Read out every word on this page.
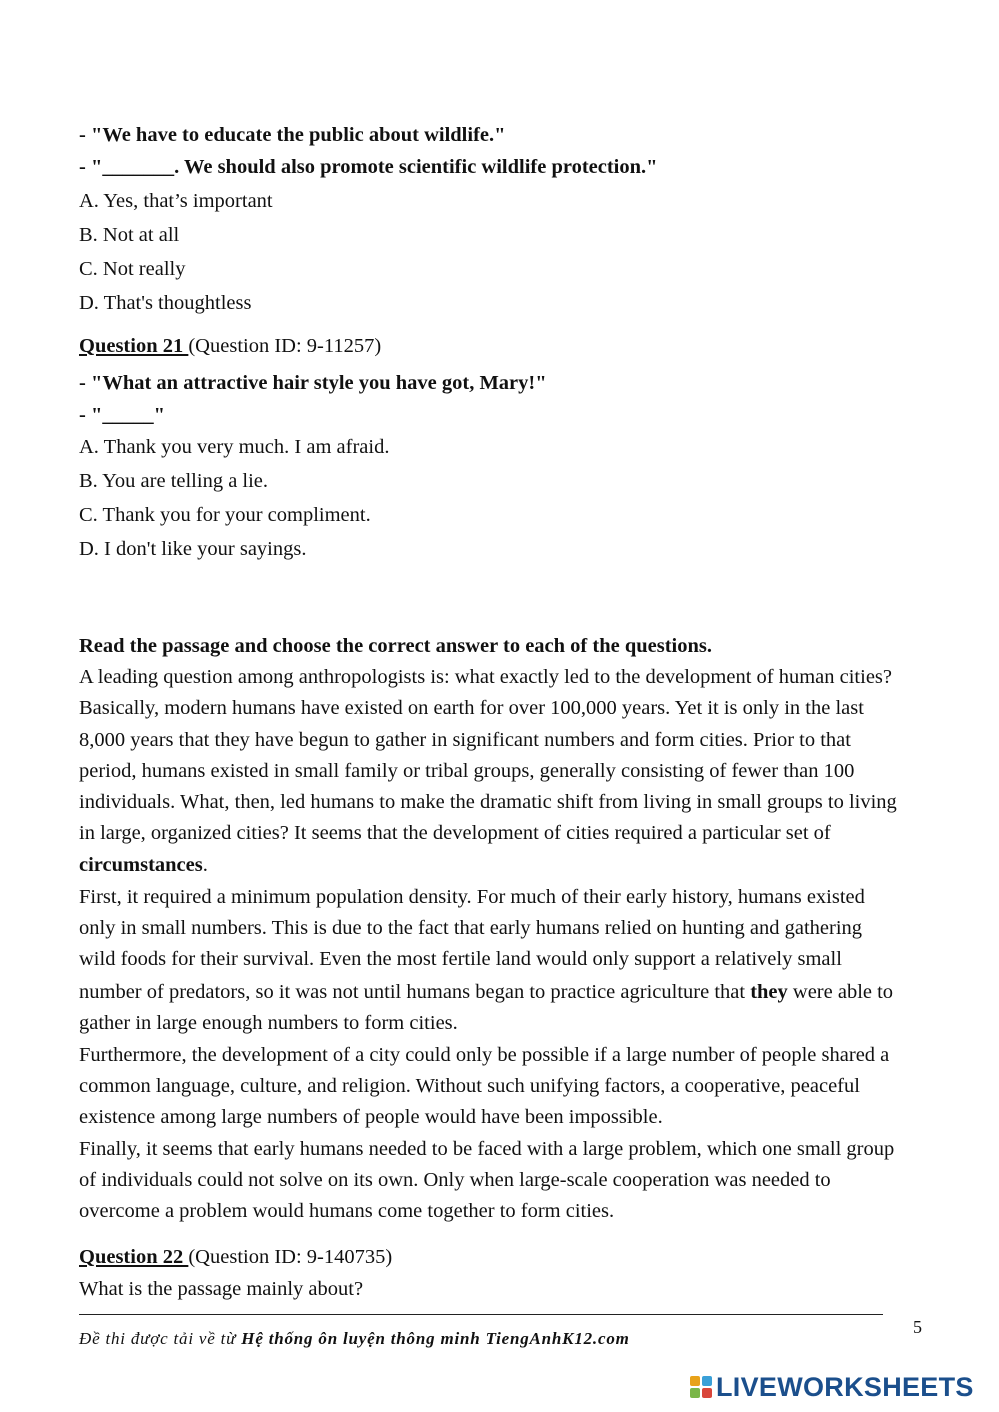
- "We have to educate the public about wildlife."
- "_______. We should also promote scientific wildlife protection."
A. Yes, that’s important
B. Not at all
C. Not really
D. That's thoughtless
Question 21 (Question ID: 9-11257)
- "What an attractive hair style you have got, Mary!"
- "_____"
A. Thank you very much. I am afraid.
B. You are telling a lie.
C. Thank you for your compliment.
D. I don't like your sayings.
Read the passage and choose the correct answer to each of the questions.
A leading question among anthropologists is: what exactly led to the development of human cities?
Basically, modern humans have existed on earth for over 100,000 years. Yet it is only in the last
8,000 years that they have begun to gather in significant numbers and form cities. Prior to that
period, humans existed in small family or tribal groups, generally consisting of fewer than 100
individuals. What, then, led humans to make the dramatic shift from living in small groups to living
in large, organized cities? It seems that the development of cities required a particular set of
circumstances.
First, it required a minimum population density. For much of their early history, humans existed
only in small numbers. This is due to the fact that early humans relied on hunting and gathering
wild foods for their survival. Even the most fertile land would only support a relatively small
number of predators, so it was not until humans began to practice agriculture that they were able to
gather in large enough numbers to form cities.
Furthermore, the development of a city could only be possible if a large number of people shared a
common language, culture, and religion. Without such unifying factors, a cooperative, peaceful
existence among large numbers of people would have been impossible.
Finally, it seems that early humans needed to be faced with a large problem, which one small group
of individuals could not solve on its own. Only when large-scale cooperation was needed to
overcome a problem would humans come together to form cities.
Question 22 (Question ID: 9-140735)
What is the passage mainly about?
Đề thi được tải về từ Hệ thống ôn luyện thông minh TiengAnhK12.com
5
LIVEWORKSHEETS
